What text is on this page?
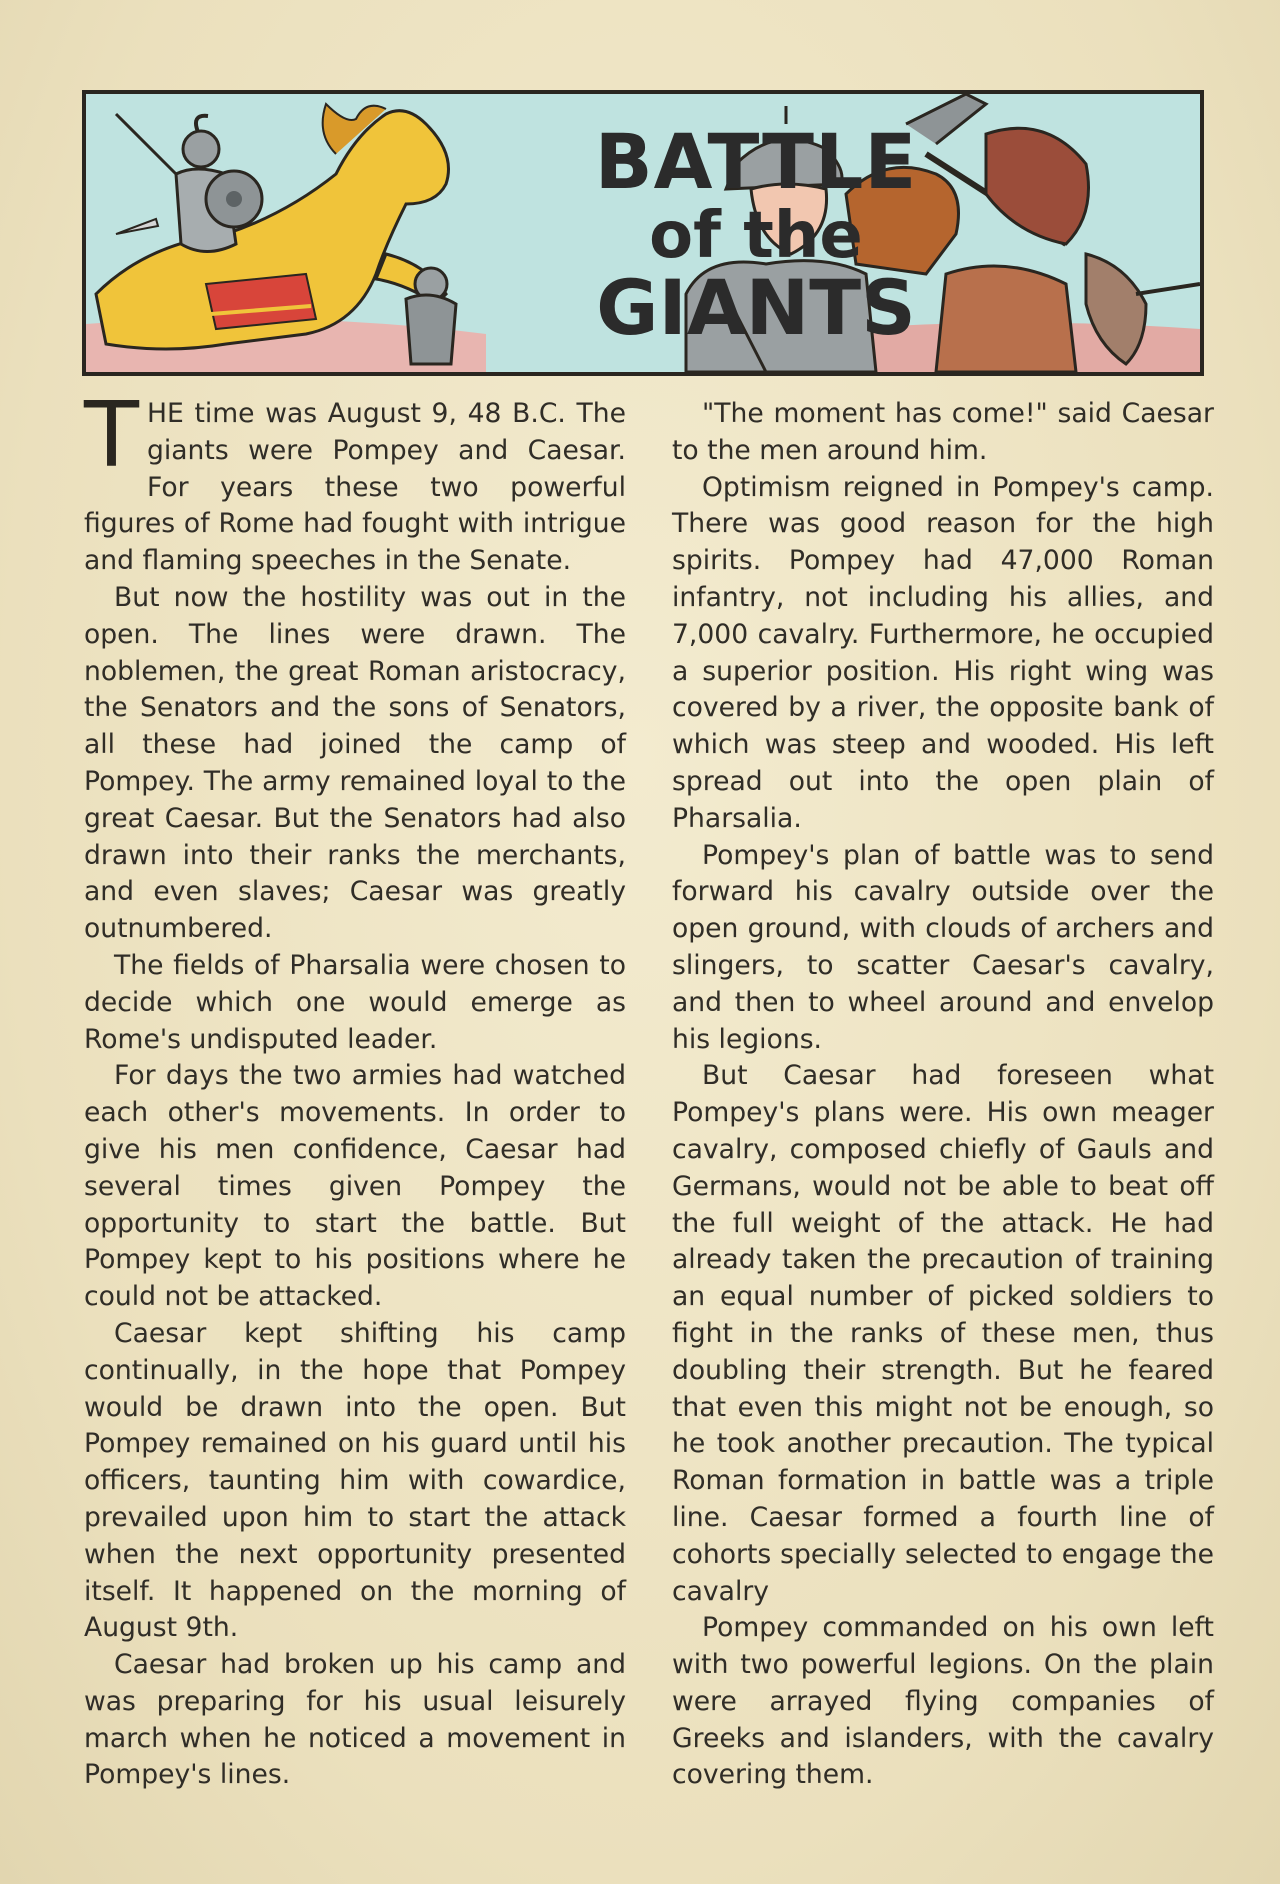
BATTLE
of the
GIANTS

THE time was August 9, 48 B.C. The giants were Pompey and Caesar. For years these two powerful figures of Rome had fought with intrigue and flaming speeches in the Senate.

But now the hostility was out in the open. The lines were drawn. The noblemen, the great Roman aristocracy, the Senators and the sons of Senators, all these had joined the camp of Pompey. The army remained loyal to the great Caesar. But the Senators had also drawn into their ranks the merchants, and even slaves; Caesar was greatly outnumbered.

The fields of Pharsalia were chosen to decide which one would emerge as Rome's undisputed leader.

For days the two armies had watched each other's movements. In order to give his men confidence, Caesar had several times given Pompey the opportunity to start the battle. But Pompey kept to his positions where he could not be attacked.

Caesar kept shifting his camp continually, in the hope that Pompey would be drawn into the open. But Pompey remained on his guard until his officers, taunting him with cowardice, prevailed upon him to start the attack when the next opportunity presented itself. It happened on the morning of August 9th.

Caesar had broken up his camp and was preparing for his usual leisurely march when he noticed a movement in Pompey's lines.

"The moment has come!" said Caesar to the men around him.

Optimism reigned in Pompey's camp. There was good reason for the high spirits. Pompey had 47,000 Roman infantry, not including his allies, and 7,000 cavalry. Furthermore, he occupied a superior position. His right wing was covered by a river, the opposite bank of which was steep and wooded. His left spread out into the open plain of Pharsalia.

Pompey's plan of battle was to send forward his cavalry outside over the open ground, with clouds of archers and slingers, to scatter Caesar's cavalry, and then to wheel around and envelop his legions.

But Caesar had foreseen what Pompey's plans were. His own meager cavalry, composed chiefly of Gauls and Germans, would not be able to beat off the full weight of the attack. He had already taken the precaution of training an equal number of picked soldiers to fight in the ranks of these men, thus doubling their strength. But he feared that even this might not be enough, so he took another precaution. The typical Roman formation in battle was a triple line. Caesar formed a fourth line of cohorts specially selected to engage the cavalry

Pompey commanded on his own left with two powerful legions. On the plain were arrayed flying companies of Greeks and islanders, with the cavalry covering them.
